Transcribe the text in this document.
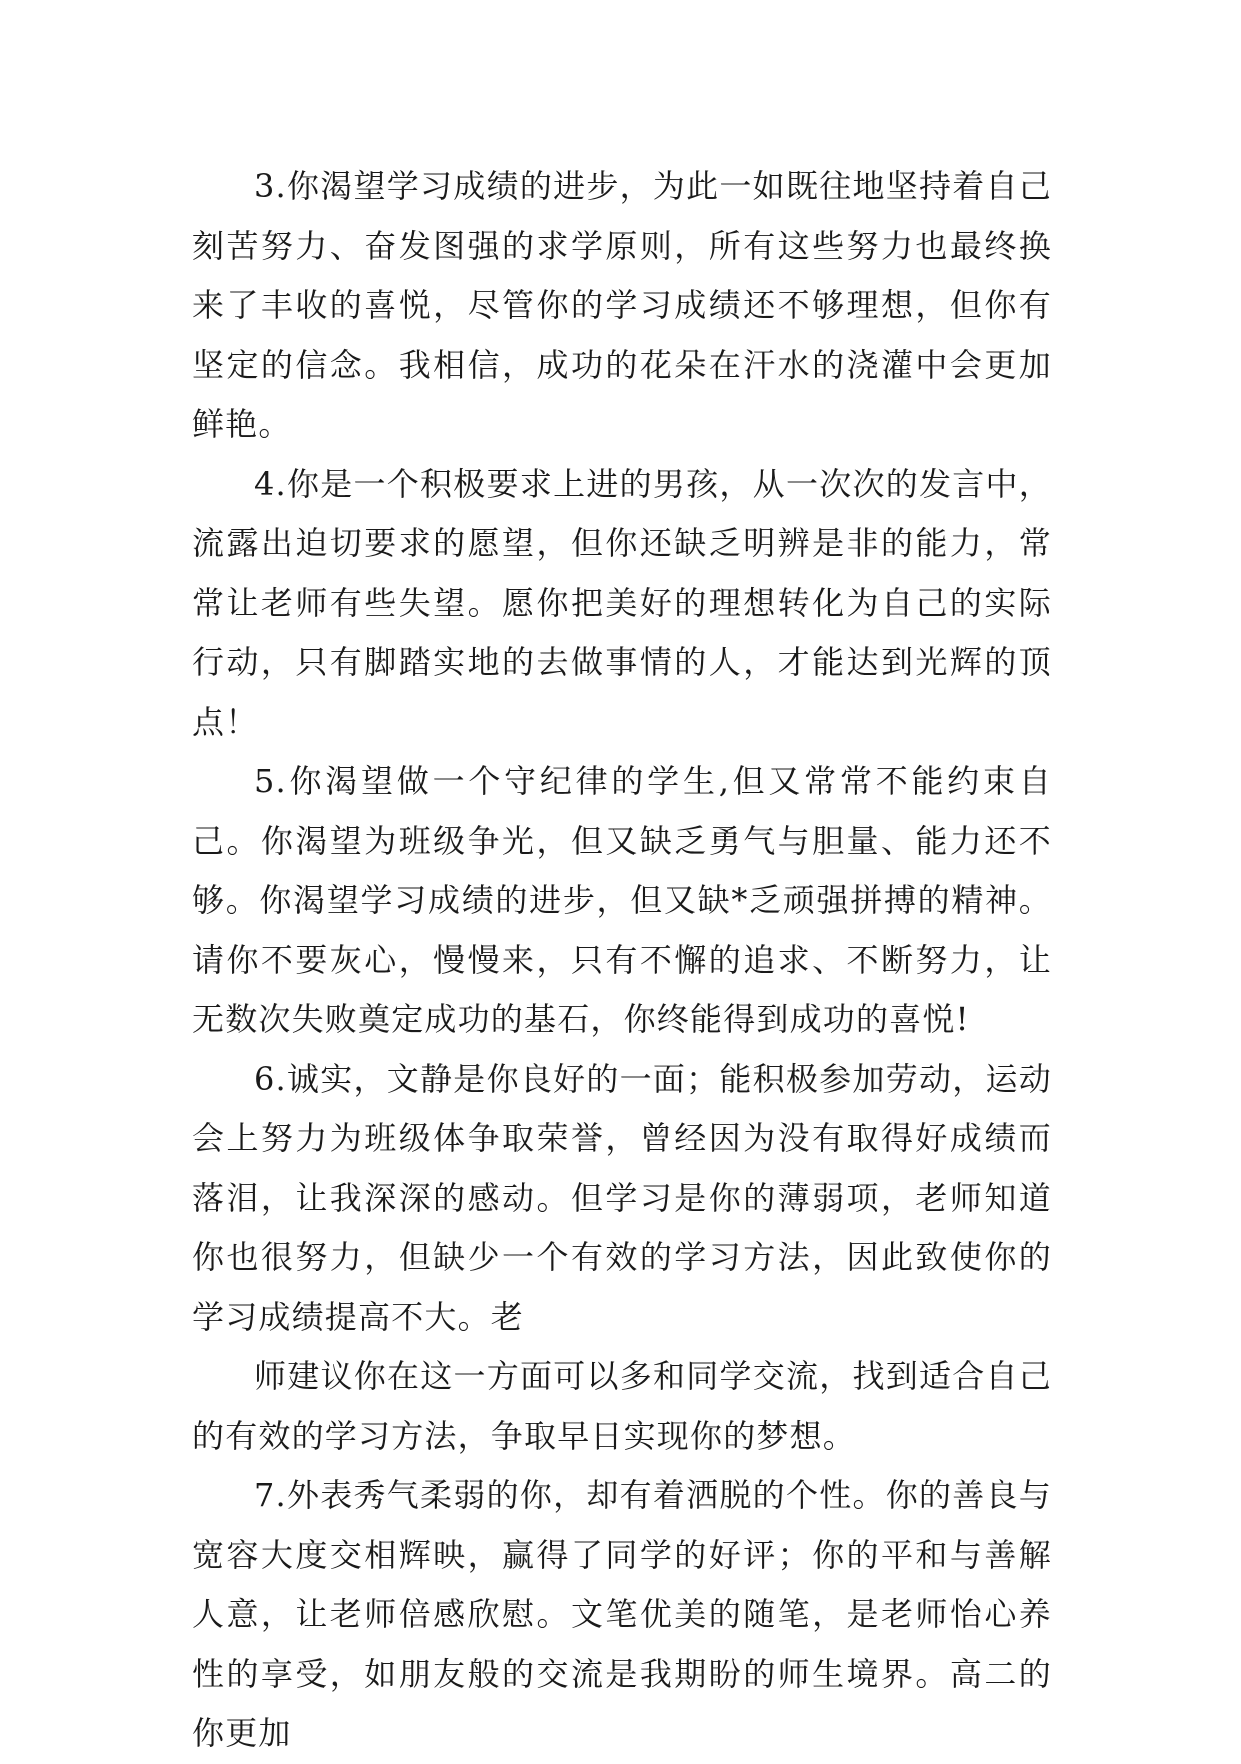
3.你渴望学习成绩的进步，为此一如既往地坚持着自己刻苦努力、奋发图强的求学原则，所有这些努力也最终换来了丰收的喜悦，尽管你的学习成绩还不够理想，但你有坚定的信念。我相信，成功的花朵在汗水的浇灌中会更加鲜艳。

4.你是一个积极要求上进的男孩，从一次次的发言中，流露出迫切要求的愿望，但你还缺乏明辨是非的能力，常常让老师有些失望。愿你把美好的理想转化为自己的实际行动，只有脚踏实地的去做事情的人，才能达到光辉的顶点！

5.你渴望做一个守纪律的学生,但又常常不能约束自己。你渴望为班级争光，但又缺乏勇气与胆量、能力还不够。你渴望学习成绩的进步，但又缺*乏顽强拼搏的精神。请你不要灰心，慢慢来，只有不懈的追求、不断努力，让无数次失败奠定成功的基石，你终能得到成功的喜悦!

6.诚实，文静是你良好的一面；能积极参加劳动，运动会上努力为班级体争取荣誉，曾经因为没有取得好成绩而落泪，让我深深的感动。但学习是你的薄弱项，老师知道你也很努力，但缺少一个有效的学习方法，因此致使你的学习成绩提高不大。老

师建议你在这一方面可以多和同学交流，找到适合自己的有效的学习方法，争取早日实现你的梦想。

7.外表秀气柔弱的你，却有着洒脱的个性。你的善良与宽容大度交相辉映，赢得了同学的好评；你的平和与善解人意，让老师倍感欣慰。文笔优美的随笔，是老师怡心养性的享受，如朋友般的交流是我期盼的师生境界。高二的你更加
